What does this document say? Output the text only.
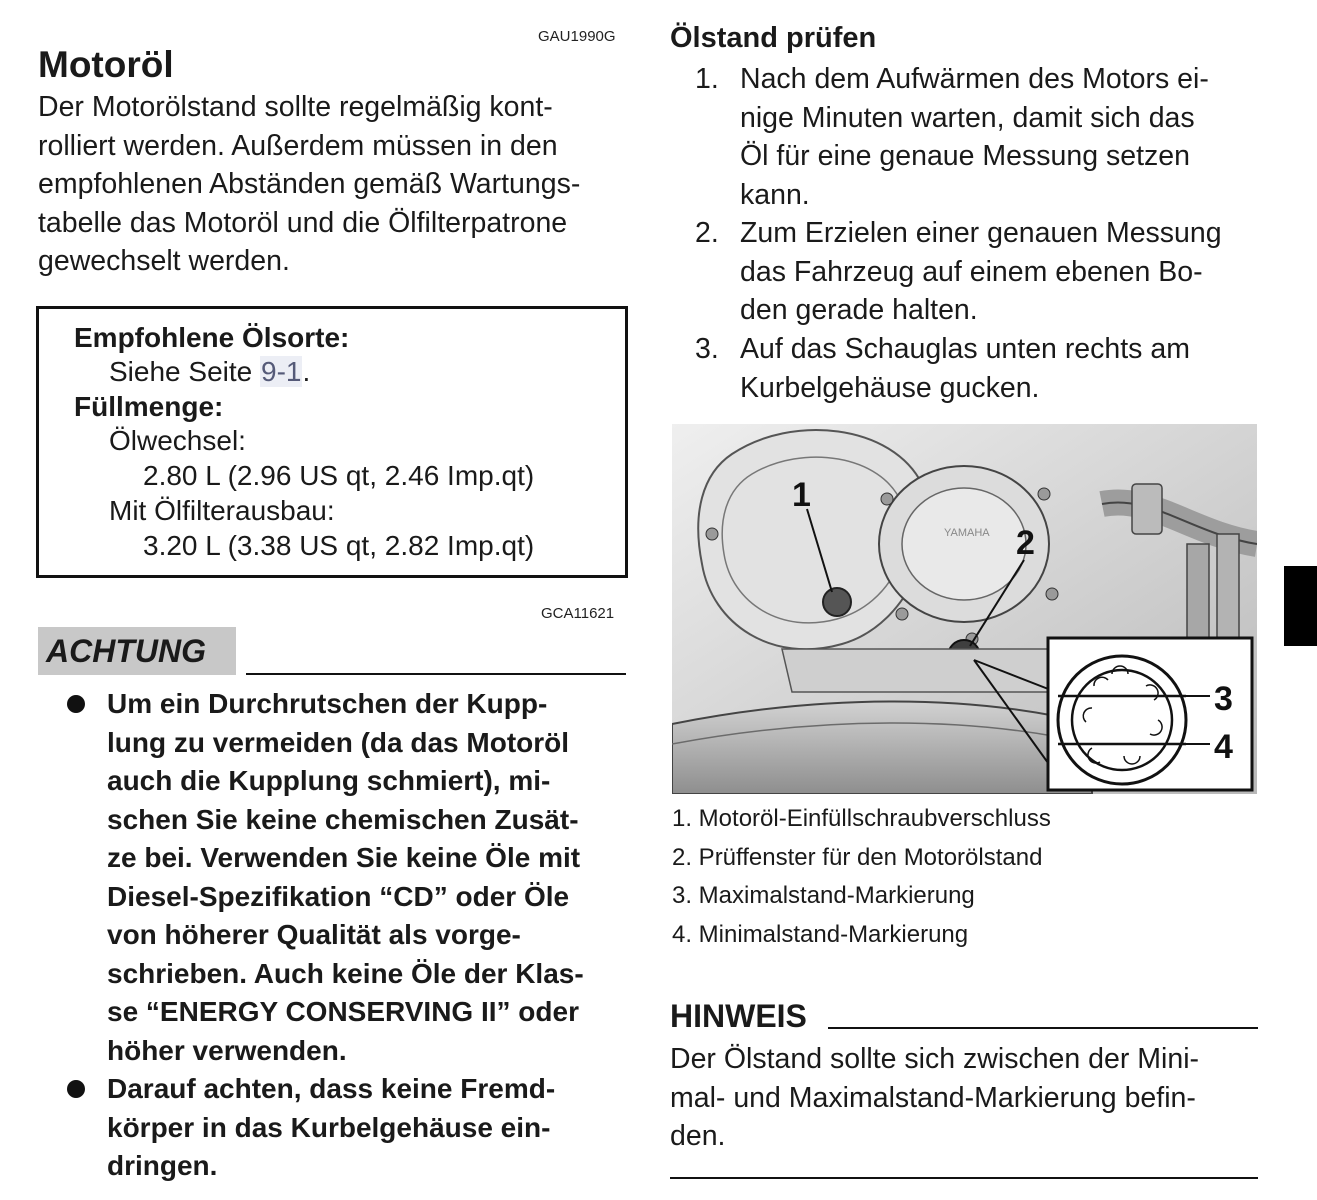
GAU1990G
Motoröl
Der Motorölstand sollte regelmäßig kont-
rolliert werden. Außerdem müssen in den
empfohlenen Abständen gemäß Wartungs-
tabelle das Motoröl und die Ölfilterpatrone
gewechselt werden.
Empfohlene Ölsorte:
Siehe Seite 9-1.
Füllmenge:
Ölwechsel:
2.80 L (2.96 US qt, 2.46 Imp.qt)
Mit Ölfilterausbau:
3.20 L (3.38 US qt, 2.82 Imp.qt)
GCA11621
ACHTUNG
Um ein Durchrutschen der Kupp-
lung zu vermeiden (da das Motoröl
auch die Kupplung schmiert), mi-
schen Sie keine chemischen Zusät-
ze bei. Verwenden Sie keine Öle mit
Diesel-Spezifikation “CD” oder Öle
von höherer Qualität als vorge-
schrieben. Auch keine Öle der Klas-
se “ENERGY CONSERVING II” oder
höher verwenden.
Darauf achten, dass keine Fremd-
körper in das Kurbelgehäuse ein-
dringen.
Ölstand prüfen
1. Nach dem Aufwärmen des Motors ei-
nige Minuten warten, damit sich das
Öl für eine genaue Messung setzen
kann.
2. Zum Erzielen einer genauen Messung
das Fahrzeug auf einem ebenen Bo-
den gerade halten.
3. Auf das Schauglas unten rechts am
Kurbelgehäuse gucken.
YAMAHA
1
2
3
4
1. Motoröl-Einfüllschraubverschluss
2. Prüffenster für den Motorölstand
3. Maximalstand-Markierung
4. Minimalstand-Markierung
HINWEIS
Der Ölstand sollte sich zwischen der Mini-
mal- und Maximalstand-Markierung befin-
den.
